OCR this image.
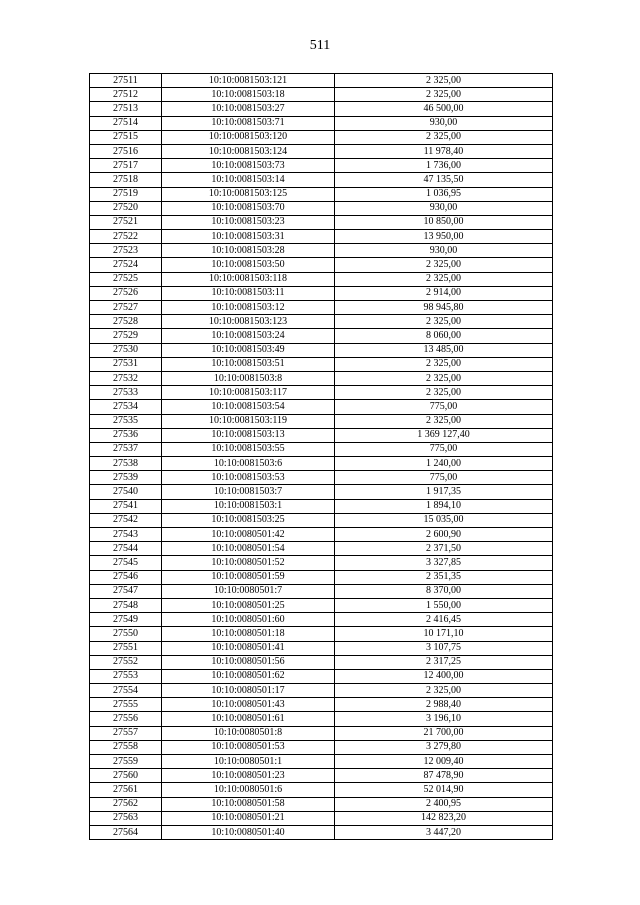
511
27511	10:10:0081503:121	2 325,00
27512	10:10:0081503:18	2 325,00
27513	10:10:0081503:27	46 500,00
27514	10:10:0081503:71	930,00
27515	10:10:0081503:120	2 325,00
27516	10:10:0081503:124	11 978,40
27517	10:10:0081503:73	1 736,00
27518	10:10:0081503:14	47 135,50
27519	10:10:0081503:125	1 036,95
27520	10:10:0081503:70	930,00
27521	10:10:0081503:23	10 850,00
27522	10:10:0081503:31	13 950,00
27523	10:10:0081503:28	930,00
27524	10:10:0081503:50	2 325,00
27525	10:10:0081503:118	2 325,00
27526	10:10:0081503:11	2 914,00
27527	10:10:0081503:12	98 945,80
27528	10:10:0081503:123	2 325,00
27529	10:10:0081503:24	8 060,00
27530	10:10:0081503:49	13 485,00
27531	10:10:0081503:51	2 325,00
27532	10:10:0081503:8	2 325,00
27533	10:10:0081503:117	2 325,00
27534	10:10:0081503:54	775,00
27535	10:10:0081503:119	2 325,00
27536	10:10:0081503:13	1 369 127,40
27537	10:10:0081503:55	775,00
27538	10:10:0081503:6	1 240,00
27539	10:10:0081503:53	775,00
27540	10:10:0081503:7	1 917,35
27541	10:10:0081503:1	1 894,10
27542	10:10:0081503:25	15 035,00
27543	10:10:0080501:42	2 600,90
27544	10:10:0080501:54	2 371,50
27545	10:10:0080501:52	3 327,85
27546	10:10:0080501:59	2 351,35
27547	10:10:0080501:7	8 370,00
27548	10:10:0080501:25	1 550,00
27549	10:10:0080501:60	2 416,45
27550	10:10:0080501:18	10 171,10
27551	10:10:0080501:41	3 107,75
27552	10:10:0080501:56	2 317,25
27553	10:10:0080501:62	12 400,00
27554	10:10:0080501:17	2 325,00
27555	10:10:0080501:43	2 988,40
27556	10:10:0080501:61	3 196,10
27557	10:10:0080501:8	21 700,00
27558	10:10:0080501:53	3 279,80
27559	10:10:0080501:1	12 009,40
27560	10:10:0080501:23	87 478,90
27561	10:10:0080501:6	52 014,90
27562	10:10:0080501:58	2 400,95
27563	10:10:0080501:21	142 823,20
27564	10:10:0080501:40	3 447,20
